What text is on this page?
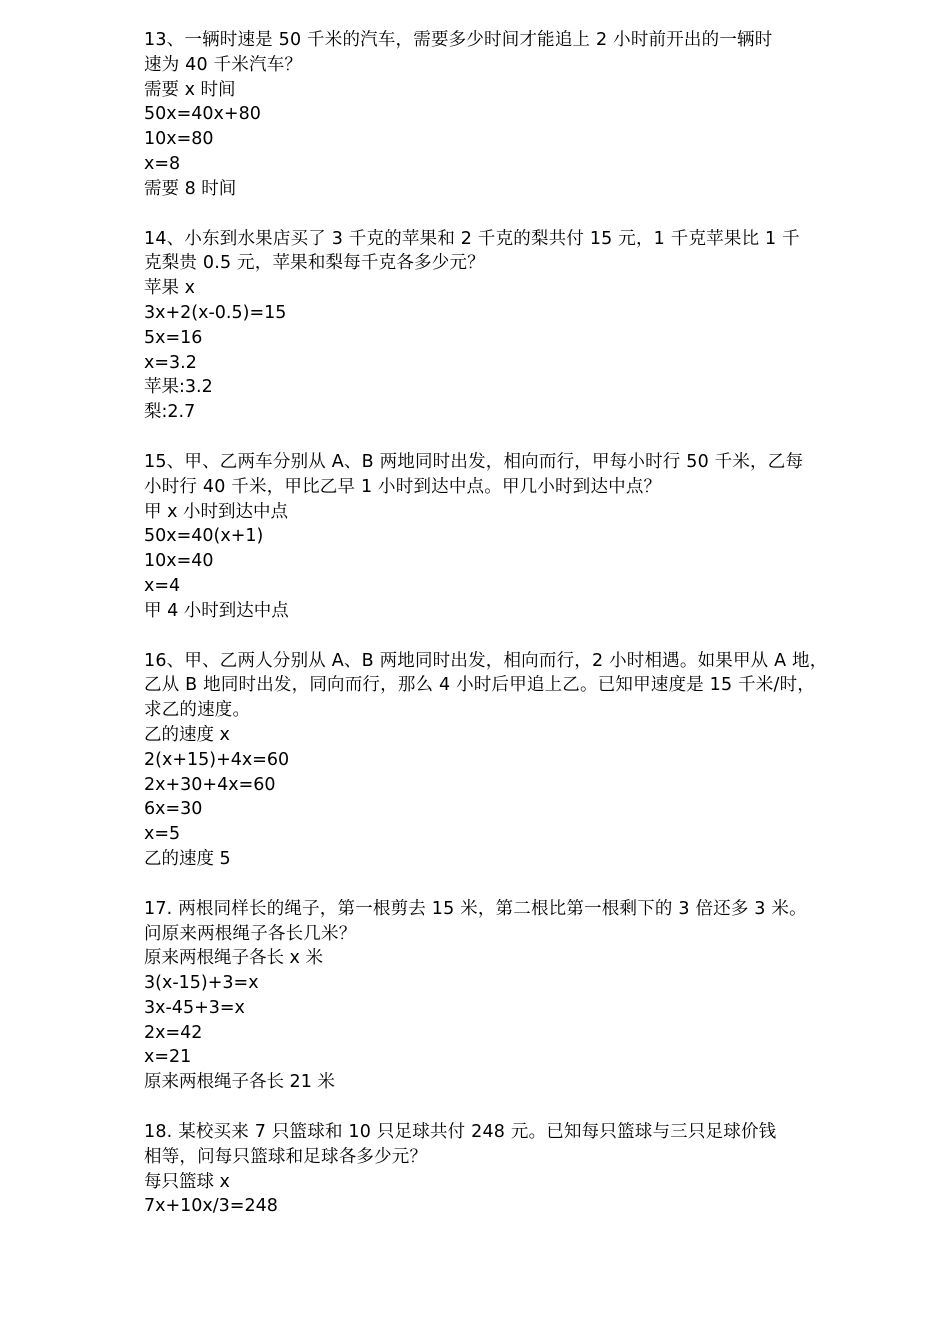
13、一辆时速是 50 千米的汽车，需要多少时间才能追上 2 小时前开出的一辆时
速为 40 千米汽车？
需要 x 时间
50x=40x+80
10x=80
x=8
需要 8 时间
14、小东到水果店买了 3 千克的苹果和 2 千克的梨共付 15 元，1 千克苹果比 1 千
克梨贵 0.5 元，苹果和梨每千克各多少元？
苹果 x
3x+2(x-0.5)=15
5x=16
x=3.2
苹果:3.2
梨:2.7
15、甲、乙两车分别从 A、B 两地同时出发，相向而行，甲每小时行 50 千米，乙每
小时行 40 千米，甲比乙早 1 小时到达中点。甲几小时到达中点？
甲 x 小时到达中点
50x=40(x+1)
10x=40
x=4
甲 4 小时到达中点
16、甲、乙两人分别从 A、B 两地同时出发，相向而行，2 小时相遇。如果甲从 A 地，
乙从 B 地同时出发，同向而行，那么 4 小时后甲追上乙。已知甲速度是 15 千米/时，
求乙的速度。
乙的速度 x
2(x+15)+4x=60
2x+30+4x=60
6x=30
x=5
乙的速度 5
17. 两根同样长的绳子，第一根剪去 15 米，第二根比第一根剩下的 3 倍还多 3 米。
问原来两根绳子各长几米？
原来两根绳子各长 x 米
3(x-15)+3=x
3x-45+3=x
2x=42
x=21
原来两根绳子各长 21 米
18. 某校买来 7 只篮球和 10 只足球共付 248 元。已知每只篮球与三只足球价钱
相等，问每只篮球和足球各多少元？
每只篮球 x
7x+10x/3=248
